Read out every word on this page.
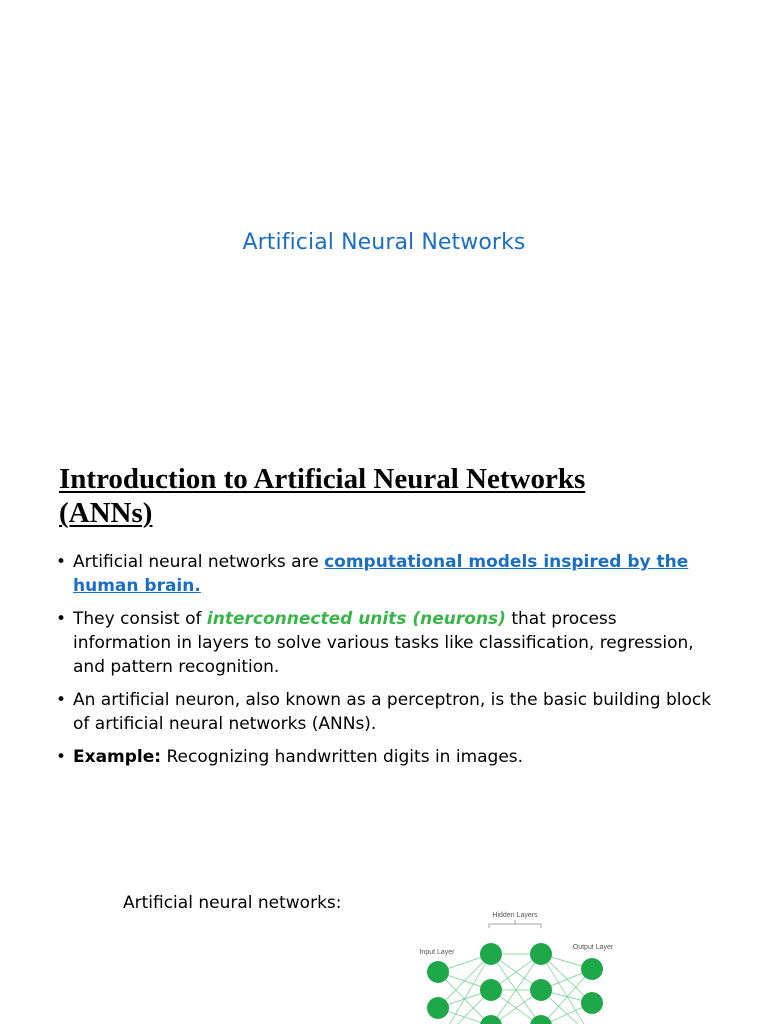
Artificial Neural Networks
Introduction to Artificial Neural Networks
(ANNs)
• Artificial neural networks are computational models inspired by the human brain.
• They consist of interconnected units (neurons) that process information in layers to solve various tasks like classification, regression, and pattern recognition.
• An artificial neuron, also known as a perceptron, is the basic building block of artificial neural networks (ANNs).
• Example: Recognizing handwritten digits in images.
Artificial neural networks:
Hidden Layers
Input Layer
Output Layer
